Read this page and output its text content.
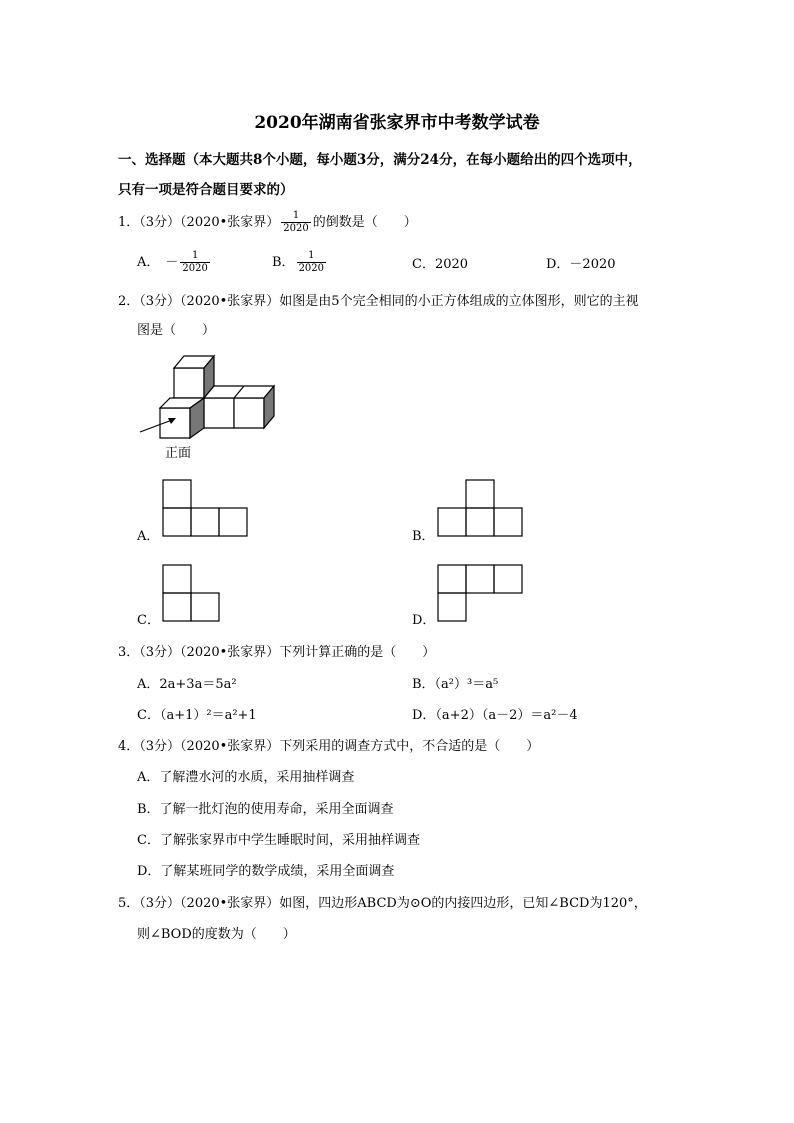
2020年湖南省张家界市中考数学试卷
一、选择题（本大题共8个小题，每小题3分，满分24分，在每小题给出的四个选项中，
只有一项是符合题目要求的）
1．（3分）（2020•张家界） $\frac{1}{2020}$ 的倒数是（　　）
A． － $\frac{1}{2020}$	B． $\frac{1}{2020}$	C．2020	D．－2020
2．（3分）（2020•张家界）如图是由5个完全相同的小正方体组成的立体图形，则它的主视
图是（　　）
正面
A．	B．
C．	D．
3．（3分）（2020•张家界）下列计算正确的是（　　）
A．2a+3a＝5a²	B．（a²）³＝a⁵
C．（a+1）²＝a²+1	D．（a+2）（a－2）＝a²－4
4．（3分）（2020•张家界）下列采用的调查方式中，不合适的是（　　）
A．了解澧水河的水质，采用抽样调查
B．了解一批灯泡的使用寿命，采用全面调查
C．了解张家界市中学生睡眠时间，采用抽样调查
D．了解某班同学的数学成绩，采用全面调查
5．（3分）（2020•张家界）如图，四边形ABCD为⊙O的内接四边形，已知∠BCD为120°，
则∠BOD的度数为（　　）
